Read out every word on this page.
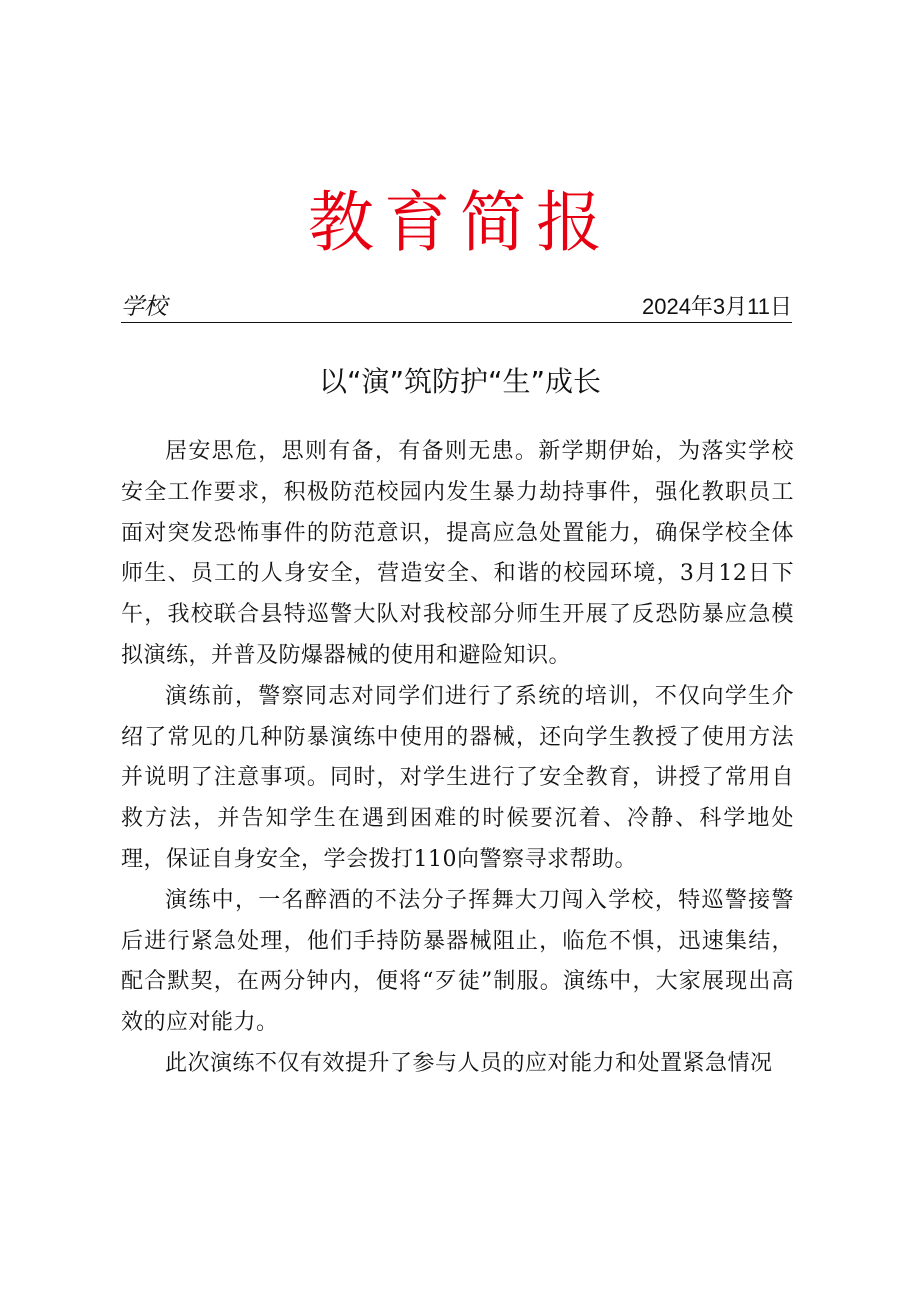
教育简报
学校	2024年3月11日
以“演”筑防护“生”成长

居安思危，思则有备，有备则无患。新学期伊始，为落实学校安全工作要求，积极防范校园内发生暴力劫持事件，强化教职员工面对突发恐怖事件的防范意识，提高应急处置能力，确保学校全体师生、员工的人身安全，营造安全、和谐的校园环境，3月12日下午，我校联合县特巡警大队对我校部分师生开展了反恐防暴应急模拟演练，并普及防爆器械的使用和避险知识。

演练前，警察同志对同学们进行了系统的培训，不仅向学生介绍了常见的几种防暴演练中使用的器械，还向学生教授了使用方法并说明了注意事项。同时，对学生进行了安全教育，讲授了常用自救方法，并告知学生在遇到困难的时候要沉着、冷静、科学地处理，保证自身安全，学会拨打110向警察寻求帮助。

演练中，一名醉酒的不法分子挥舞大刀闯入学校，特巡警接警后进行紧急处理，他们手持防暴器械阻止，临危不惧，迅速集结，配合默契，在两分钟内，便将“歹徒”制服。演练中，大家展现出高效的应对能力。

此次演练不仅有效提升了参与人员的应对能力和处置紧急情况
